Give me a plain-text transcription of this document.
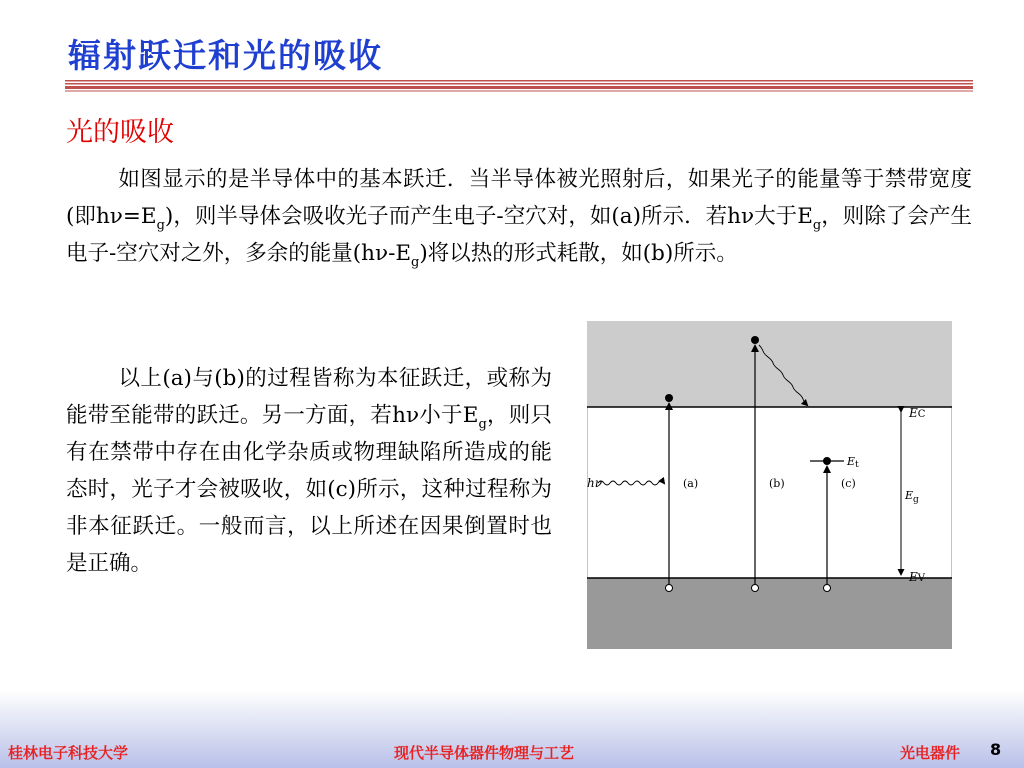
辐射跃迁和光的吸收
光的吸收
如图显示的是半导体中的基本跃迁．当半导体被光照射后，如果光子的能量等于禁带宽度(即$h\nu=E_g$)，则半导体会吸收光子而产生电子-空穴对，如(a)所示．若hν大于$E_g$，则除了会产生电子-空穴对之外，多余的能量$(h\nu-E_g)$将以热的形式耗散，如(b)所示。
以上(a)与(b)的过程皆称为本征跃迁，或称为能带至能带的跃迁。另一方面，若hν小于$E_g$，则只有在禁带中存在由化学杂质或物理缺陷所造成的能态时，光子才会被吸收，如(c)所示，这种过程称为非本征跃迁。一般而言，以上所述在因果倒置时也是正确。
hν	(a)	(b)	(c)
EC
EV
Et
$E_g$
桂林电子科技大学	现代半导体器件物理与工艺	光电器件 8
